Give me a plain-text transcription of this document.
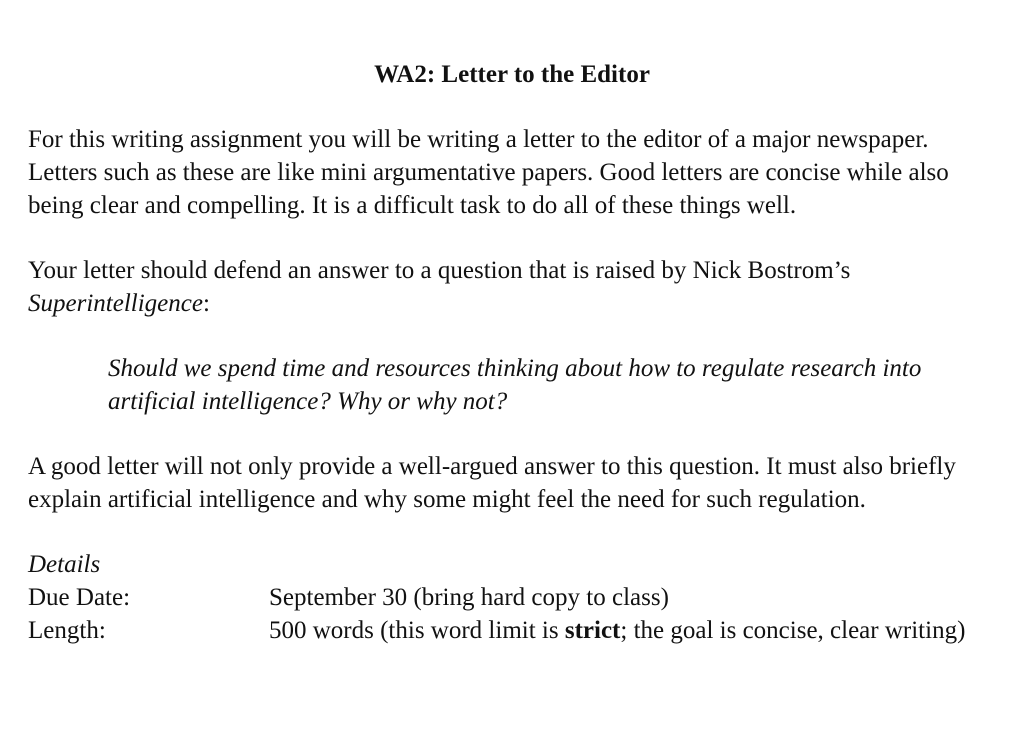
WA2: Letter to the Editor

For this writing assignment you will be writing a letter to the editor of a major newspaper. Letters such as these are like mini argumentative papers. Good letters are concise while also being clear and compelling. It is a difficult task to do all of these things well.

Your letter should defend an answer to a question that is raised by Nick Bostrom’s Superintelligence:

Should we spend time and resources thinking about how to regulate research into artificial intelligence? Why or why not?

A good letter will not only provide a well-argued answer to this question. It must also briefly explain artificial intelligence and why some might feel the need for such regulation.

Details
Due Date:	September 30 (bring hard copy to class)
Length:	500 words (this word limit is strict; the goal is concise, clear writing)
